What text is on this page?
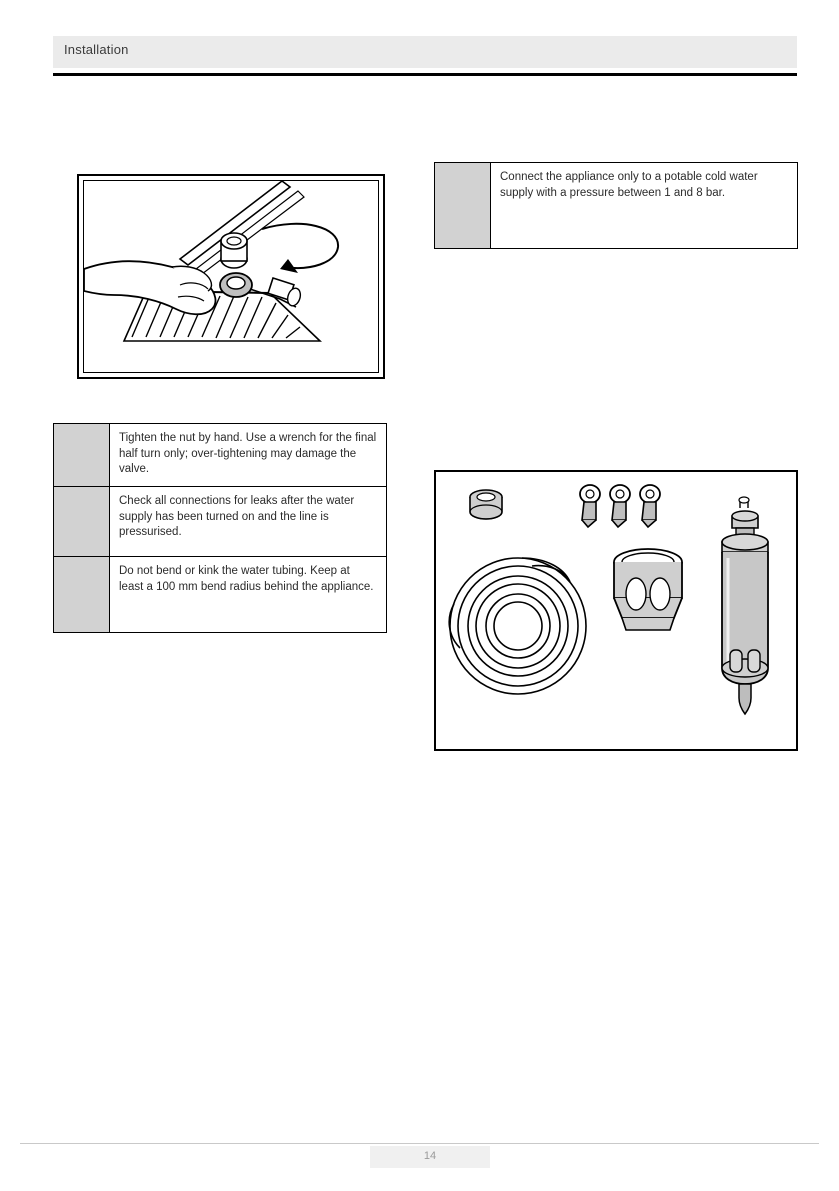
Installation
Tighten the nut by hand. Use a wrench for the final half turn only; over-tightening may damage the valve.
Check all connections for leaks after the water supply has been turned on and the line is pressurised.
Do not bend or kink the water tubing. Keep at least a 100 mm bend radius behind the appliance.
Connect the appliance only to a potable cold water supply with a pressure between 1 and 8 bar.
14
